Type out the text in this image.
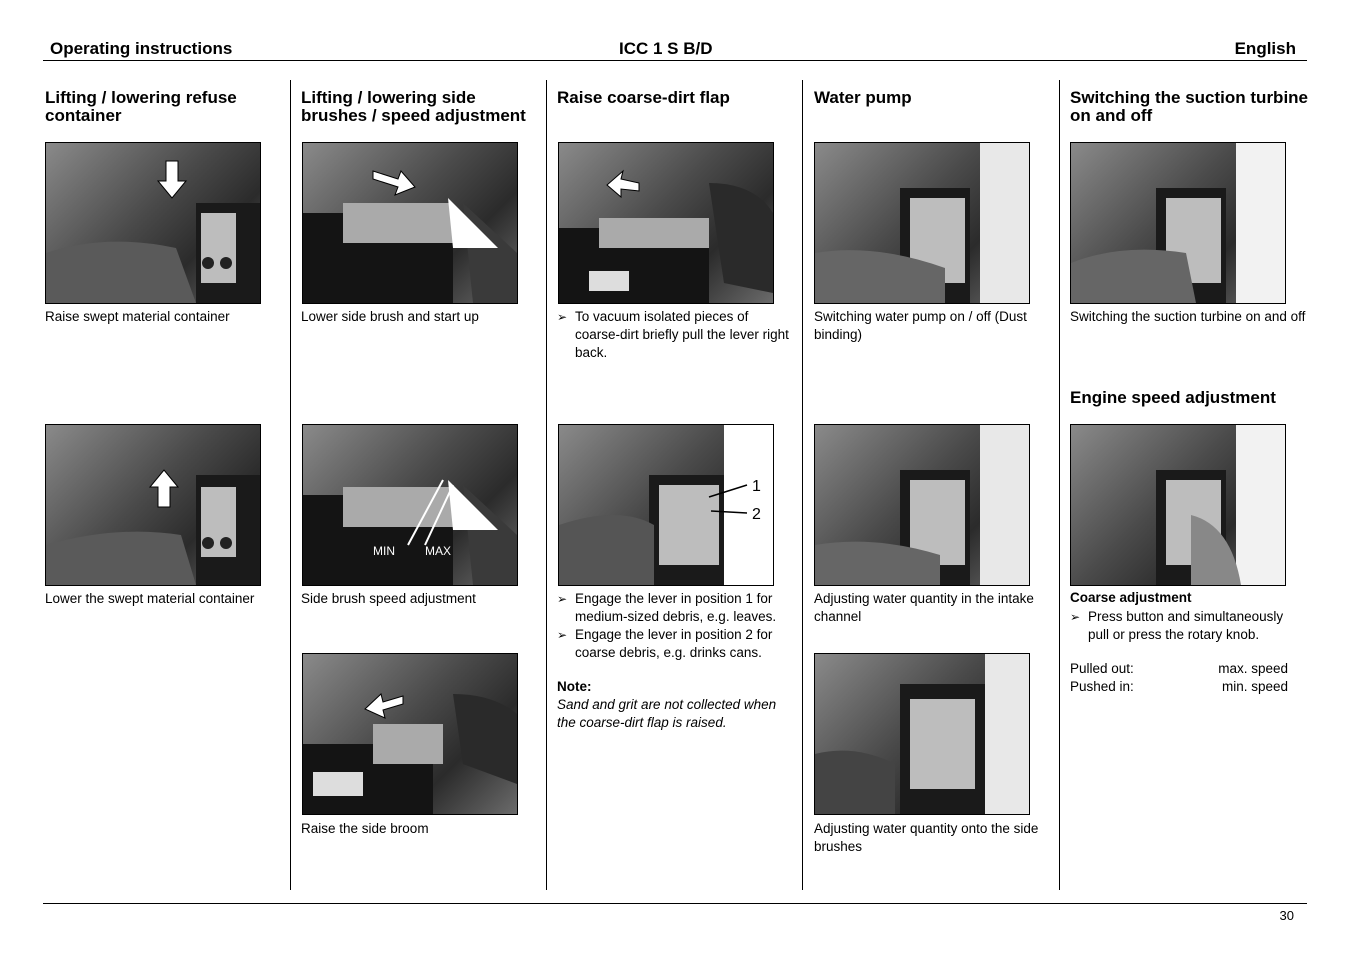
Operating instructions	ICC 1 S B/D	English
Lifting / lowering refuse container
Raise swept material container
Lower the swept material container
Lifting / lowering side brushes / speed adjustment
Lower side brush and start up
MIN	MAX
Side brush speed adjustment
Raise the side broom
Raise coarse-dirt flap
➢ To vacuum isolated pieces of coarse-dirt briefly pull the lever right back.
1
2
➢ Engage the lever in position 1 for medium-sized debris, e.g. leaves.
➢ Engage the lever in position 2 for coarse debris, e.g. drinks cans.
Note:
Sand and grit are not collected when the coarse-dirt flap is raised.
Water pump
Switching water pump on / off (Dust binding)
Adjusting water quantity in the intake channel
Adjusting water quantity onto the side brushes
Switching the suction turbine on and off
Switching the suction turbine on and off
Engine speed adjustment
Coarse adjustment
➢ Press button and simultaneously pull or press the rotary knob.
Pulled out:	max. speed
Pushed in:	min. speed
30
